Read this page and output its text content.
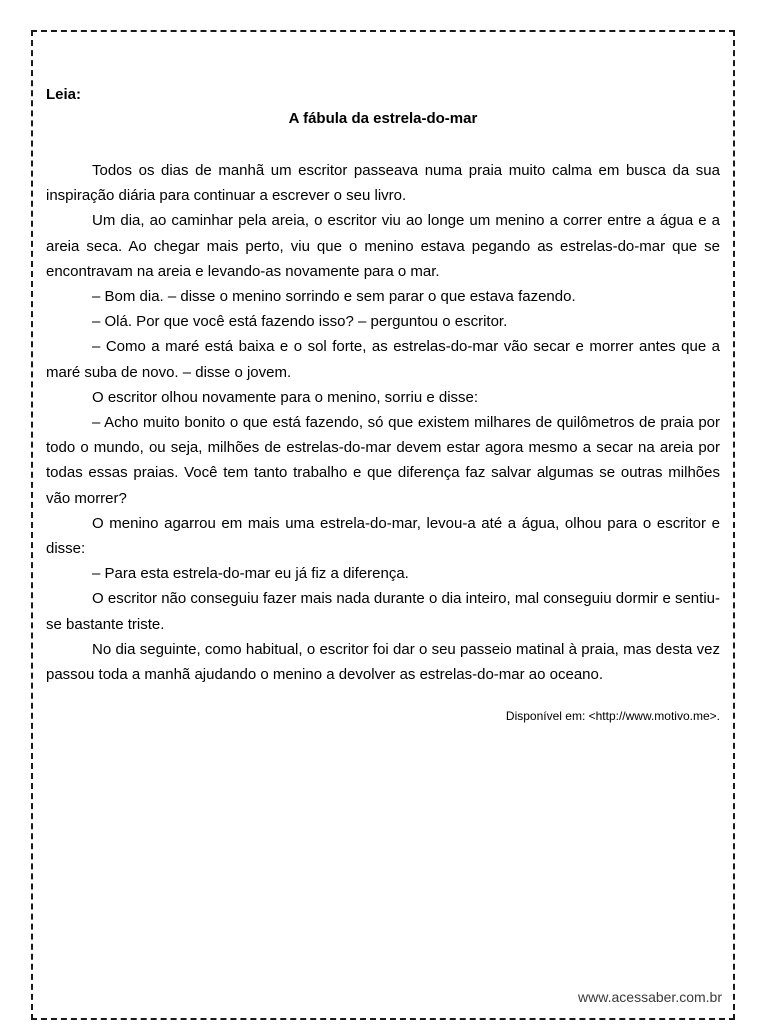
Leia:
A fábula da estrela-do-mar

Todos os dias de manhã um escritor passeava numa praia muito calma em busca da sua inspiração diária para continuar a escrever o seu livro.

Um dia, ao caminhar pela areia, o escritor viu ao longe um menino a correr entre a água e a areia seca. Ao chegar mais perto, viu que o menino estava pegando as estrelas-do-mar que se encontravam na areia e levando-as novamente para o mar.

– Bom dia. – disse o menino sorrindo e sem parar o que estava fazendo.

– Olá. Por que você está fazendo isso? – perguntou o escritor.

– Como a maré está baixa e o sol forte, as estrelas-do-mar vão secar e morrer antes que a maré suba de novo. – disse o jovem.

O escritor olhou novamente para o menino, sorriu e disse:

– Acho muito bonito o que está fazendo, só que existem milhares de quilômetros de praia por todo o mundo, ou seja, milhões de estrelas-do-mar devem estar agora mesmo a secar na areia por todas essas praias. Você tem tanto trabalho e que diferença faz salvar algumas se outras milhões vão morrer?

O menino agarrou em mais uma estrela-do-mar, levou-a até a água, olhou para o escritor e disse:

– Para esta estrela-do-mar eu já fiz a diferença.

O escritor não conseguiu fazer mais nada durante o dia inteiro, mal conseguiu dormir e sentiu-se bastante triste.

No dia seguinte, como habitual, o escritor foi dar o seu passeio matinal à praia, mas desta vez passou toda a manhã ajudando o menino a devolver as estrelas-do-mar ao oceano.

Disponível em: <http://www.motivo.me>.
www.acessaber.com.br
